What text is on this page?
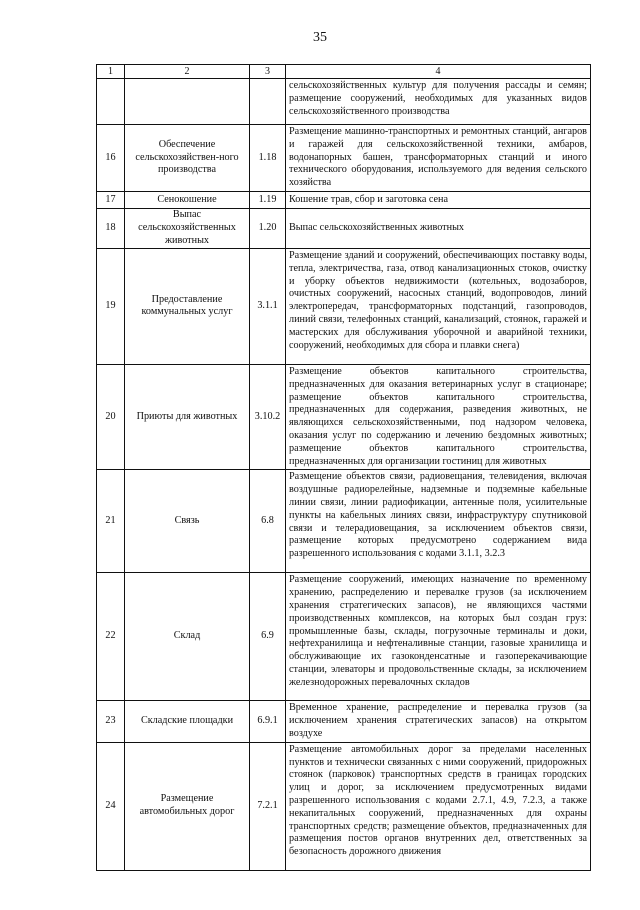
35
1	2	3	4
			сельскохозяйственных культур для получения рассады и семян; размещение сооружений, необходимых для указанных видов сельскохозяйственного производства
16	Обеспечение сельскохозяйствен-ного производства	1.18	Размещение машинно-транспортных и ремонтных станций, ангаров и гаражей для сельскохозяйственной техники, амбаров, водонапорных башен, трансформаторных станций и иного технического оборудования, используемого для ведения сельского хозяйства
17	Сенокошение	1.19	Кошение трав, сбор и заготовка сена
18	Выпас сельскохозяйственных животных	1.20	Выпас сельскохозяйственных животных
19	Предоставление коммунальных услуг	3.1.1	Размещение зданий и сооружений, обеспечивающих поставку воды, тепла, электричества, газа, отвод канализационных стоков, очистку и уборку объектов недвижимости (котельных, водозаборов, очистных сооружений, насосных станций, водопроводов, линий электропередач, трансформаторных подстанций, газопроводов, линий связи, телефонных станций, канализаций, стоянок, гаражей и мастерских для обслуживания уборочной и аварийной техники, сооружений, необходимых для сбора и плавки снега)
20	Приюты для животных	3.10.2	Размещение объектов капитального строительства, предназначенных для оказания ветеринарных услуг в стационаре; размещение объектов капитального строительства, предназначенных для содержания, разведения животных, не являющихся сельскохозяйственными, под надзором человека, оказания услуг по содержанию и лечению бездомных животных; размещение объектов капитального строительства, предназначенных для организации гостиниц для животных
21	Связь	6.8	Размещение объектов связи, радиовещания, телевидения, включая воздушные радиорелейные, надземные и подземные кабельные линии связи, линии радиофикации, антенные поля, усилительные пункты на кабельных линиях связи, инфраструктуру спутниковой связи и телерадиовещания, за исключением объектов связи, размещение которых предусмотрено содержанием вида разрешенного использования с кодами 3.1.1, 3.2.3
22	Склад	6.9	Размещение сооружений, имеющих назначение по временному хранению, распределению и перевалке грузов (за исключением хранения стратегических запасов), не являющихся частями производственных комплексов, на которых был создан груз: промышленные базы, склады, погрузочные терминалы и доки, нефтехранилища и нефтеналивные станции, газовые хранилища и обслуживающие их газоконденсатные и газоперекачивающие станции, элеваторы и продовольственные склады, за исключением железнодорожных перевалочных складов
23	Складские площадки	6.9.1	Временное хранение, распределение и перевалка грузов (за исключением хранения стратегических запасов) на открытом воздухе
24	Размещение автомобильных дорог	7.2.1	Размещение автомобильных дорог за пределами населенных пунктов и технически связанных с ними сооружений, придорожных стоянок (парковок) транспортных средств в границах городских улиц и дорог, за исключением предусмотренных видами разрешенного использования с кодами 2.7.1, 4.9, 7.2.3, а также некапитальных сооружений, предназначенных для охраны транспортных средств; размещение объектов, предназначенных для размещения постов органов внутренних дел, ответственных за безопасность дорожного движения
